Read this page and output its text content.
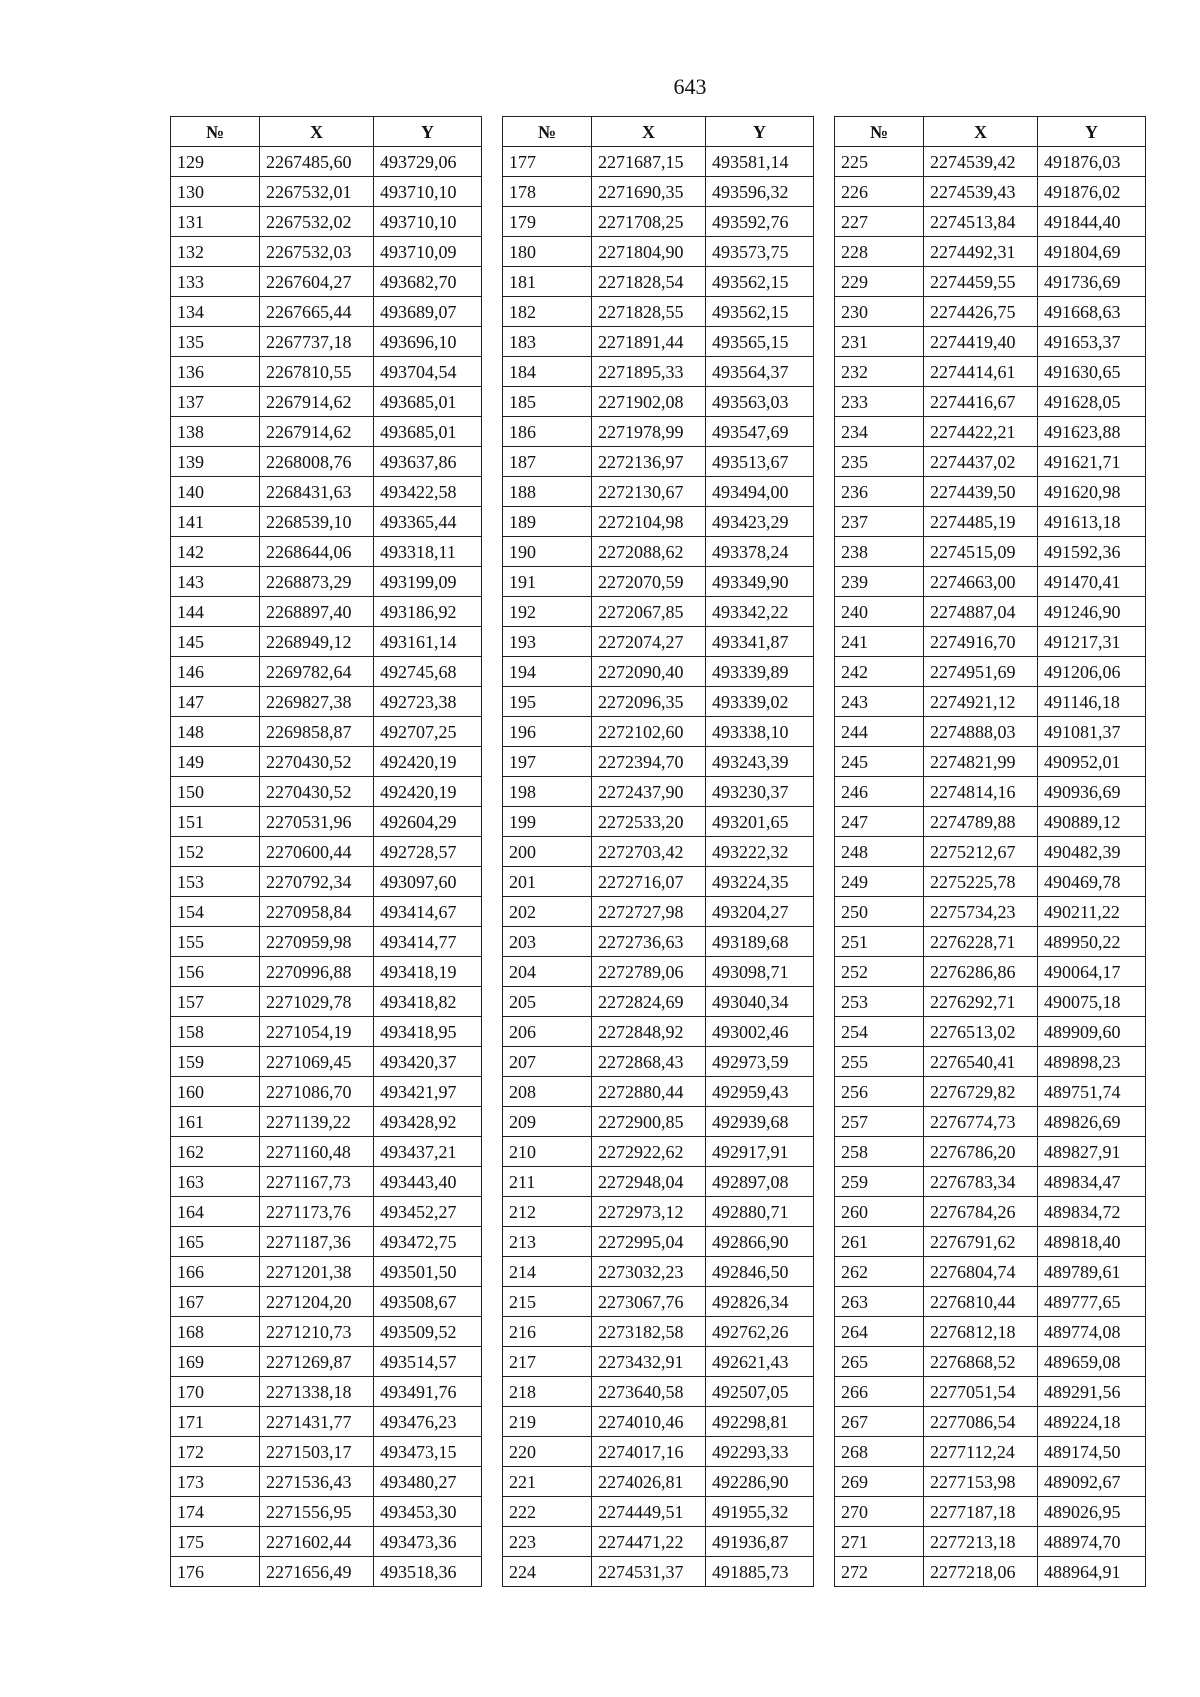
643
№	X	Y
129	2267485,60	493729,06
130	2267532,01	493710,10
131	2267532,02	493710,10
132	2267532,03	493710,09
133	2267604,27	493682,70
134	2267665,44	493689,07
135	2267737,18	493696,10
136	2267810,55	493704,54
137	2267914,62	493685,01
138	2267914,62	493685,01
139	2268008,76	493637,86
140	2268431,63	493422,58
141	2268539,10	493365,44
142	2268644,06	493318,11
143	2268873,29	493199,09
144	2268897,40	493186,92
145	2268949,12	493161,14
146	2269782,64	492745,68
147	2269827,38	492723,38
148	2269858,87	492707,25
149	2270430,52	492420,19
150	2270430,52	492420,19
151	2270531,96	492604,29
152	2270600,44	492728,57
153	2270792,34	493097,60
154	2270958,84	493414,67
155	2270959,98	493414,77
156	2270996,88	493418,19
157	2271029,78	493418,82
158	2271054,19	493418,95
159	2271069,45	493420,37
160	2271086,70	493421,97
161	2271139,22	493428,92
162	2271160,48	493437,21
163	2271167,73	493443,40
164	2271173,76	493452,27
165	2271187,36	493472,75
166	2271201,38	493501,50
167	2271204,20	493508,67
168	2271210,73	493509,52
169	2271269,87	493514,57
170	2271338,18	493491,76
171	2271431,77	493476,23
172	2271503,17	493473,15
173	2271536,43	493480,27
174	2271556,95	493453,30
175	2271602,44	493473,36
176	2271656,49	493518,36
№	X	Y
177	2271687,15	493581,14
178	2271690,35	493596,32
179	2271708,25	493592,76
180	2271804,90	493573,75
181	2271828,54	493562,15
182	2271828,55	493562,15
183	2271891,44	493565,15
184	2271895,33	493564,37
185	2271902,08	493563,03
186	2271978,99	493547,69
187	2272136,97	493513,67
188	2272130,67	493494,00
189	2272104,98	493423,29
190	2272088,62	493378,24
191	2272070,59	493349,90
192	2272067,85	493342,22
193	2272074,27	493341,87
194	2272090,40	493339,89
195	2272096,35	493339,02
196	2272102,60	493338,10
197	2272394,70	493243,39
198	2272437,90	493230,37
199	2272533,20	493201,65
200	2272703,42	493222,32
201	2272716,07	493224,35
202	2272727,98	493204,27
203	2272736,63	493189,68
204	2272789,06	493098,71
205	2272824,69	493040,34
206	2272848,92	493002,46
207	2272868,43	492973,59
208	2272880,44	492959,43
209	2272900,85	492939,68
210	2272922,62	492917,91
211	2272948,04	492897,08
212	2272973,12	492880,71
213	2272995,04	492866,90
214	2273032,23	492846,50
215	2273067,76	492826,34
216	2273182,58	492762,26
217	2273432,91	492621,43
218	2273640,58	492507,05
219	2274010,46	492298,81
220	2274017,16	492293,33
221	2274026,81	492286,90
222	2274449,51	491955,32
223	2274471,22	491936,87
224	2274531,37	491885,73
№	X	Y
225	2274539,42	491876,03
226	2274539,43	491876,02
227	2274513,84	491844,40
228	2274492,31	491804,69
229	2274459,55	491736,69
230	2274426,75	491668,63
231	2274419,40	491653,37
232	2274414,61	491630,65
233	2274416,67	491628,05
234	2274422,21	491623,88
235	2274437,02	491621,71
236	2274439,50	491620,98
237	2274485,19	491613,18
238	2274515,09	491592,36
239	2274663,00	491470,41
240	2274887,04	491246,90
241	2274916,70	491217,31
242	2274951,69	491206,06
243	2274921,12	491146,18
244	2274888,03	491081,37
245	2274821,99	490952,01
246	2274814,16	490936,69
247	2274789,88	490889,12
248	2275212,67	490482,39
249	2275225,78	490469,78
250	2275734,23	490211,22
251	2276228,71	489950,22
252	2276286,86	490064,17
253	2276292,71	490075,18
254	2276513,02	489909,60
255	2276540,41	489898,23
256	2276729,82	489751,74
257	2276774,73	489826,69
258	2276786,20	489827,91
259	2276783,34	489834,47
260	2276784,26	489834,72
261	2276791,62	489818,40
262	2276804,74	489789,61
263	2276810,44	489777,65
264	2276812,18	489774,08
265	2276868,52	489659,08
266	2277051,54	489291,56
267	2277086,54	489224,18
268	2277112,24	489174,50
269	2277153,98	489092,67
270	2277187,18	489026,95
271	2277213,18	488974,70
272	2277218,06	488964,91
